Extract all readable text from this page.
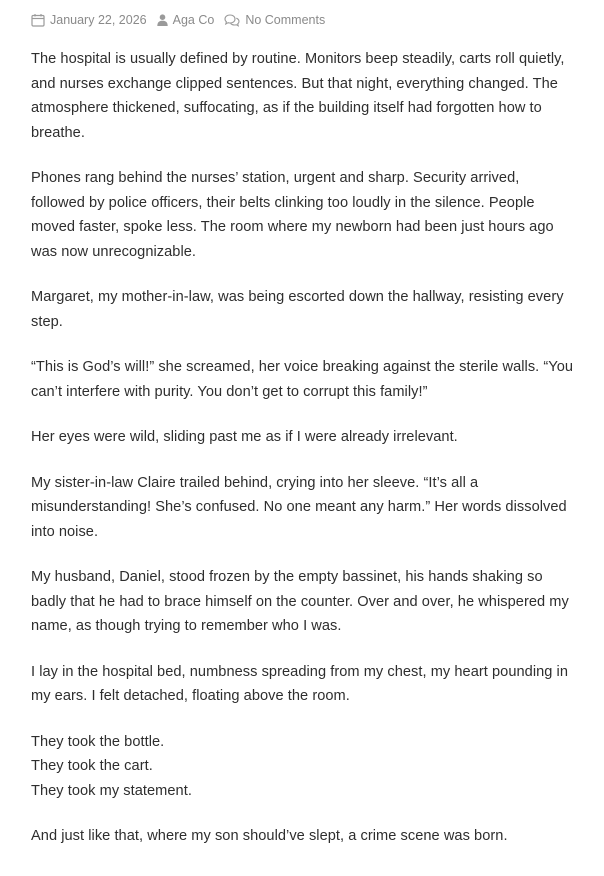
January 22, 2026 Aga Co No Comments

The hospital is usually defined by routine. Monitors beep steadily, carts roll quietly, and nurses exchange clipped sentences. But that night, everything changed. The atmosphere thickened, suffocating, as if the building itself had forgotten how to breathe.

Phones rang behind the nurses’ station, urgent and sharp. Security arrived, followed by police officers, their belts clinking too loudly in the silence. People moved faster, spoke less. The room where my newborn had been just hours ago was now unrecognizable.

Margaret, my mother-in-law, was being escorted down the hallway, resisting every step.

“This is God’s will!” she screamed, her voice breaking against the sterile walls. “You can’t interfere with purity. You don’t get to corrupt this family!”

Her eyes were wild, sliding past me as if I were already irrelevant.

My sister-in-law Claire trailed behind, crying into her sleeve. “It’s all a misunderstanding! She’s confused. No one meant any harm.” Her words dissolved into noise.

My husband, Daniel, stood frozen by the empty bassinet, his hands shaking so badly that he had to brace himself on the counter. Over and over, he whispered my name, as though trying to remember who I was.

I lay in the hospital bed, numbness spreading from my chest, my heart pounding in my ears. I felt detached, floating above the room.

They took the bottle.

They took the cart.

They took my statement.

And just like that, where my son should’ve slept, a crime scene was born.
